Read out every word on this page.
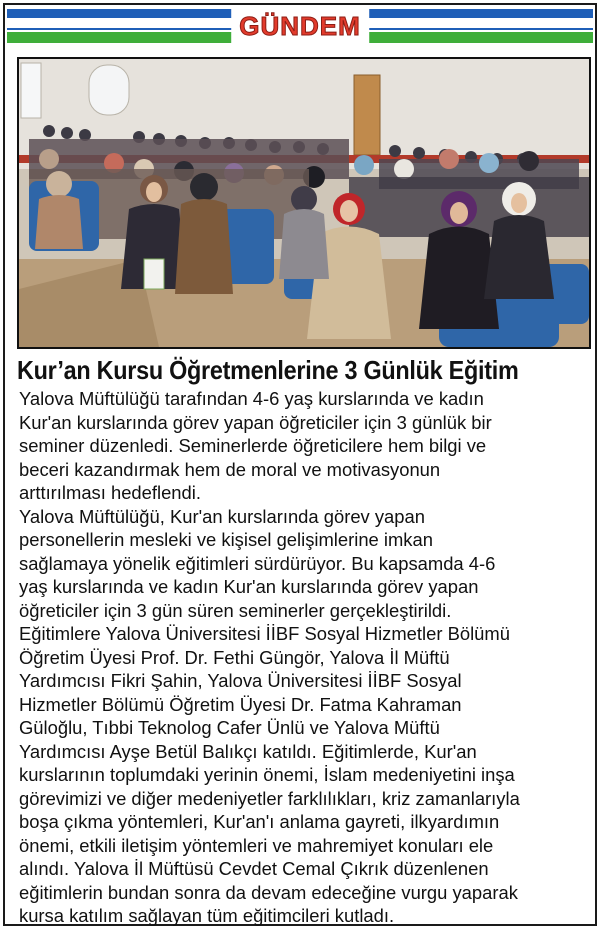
GÜNDEM
Kur’an Kursu Öğretmenlerine 3 Günlük Eğitim
Yalova Müftülüğü tarafından 4-6 yaş kurslarında ve kadın
Kur'an kurslarında görev yapan öğreticiler için 3 günlük bir
seminer düzenledi. Seminerlerde öğreticilere hem bilgi ve
beceri kazandırmak hem de moral ve motivasyonun
arttırılması hedeflendi.
Yalova Müftülüğü, Kur'an kurslarında görev yapan
personellerin mesleki ve kişisel gelişimlerine imkan
sağlamaya yönelik eğitimleri sürdürüyor. Bu kapsamda 4-6
yaş kurslarında ve kadın Kur'an kurslarında görev yapan
öğreticiler için 3 gün süren seminerler gerçekleştirildi.
Eğitimlere Yalova Üniversitesi İİBF Sosyal Hizmetler Bölümü
Öğretim Üyesi Prof. Dr. Fethi Güngör, Yalova İl Müftü
Yardımcısı Fikri Şahin, Yalova Üniversitesi İİBF Sosyal
Hizmetler Bölümü Öğretim Üyesi Dr. Fatma Kahraman
Güloğlu, Tıbbi Teknolog Cafer Ünlü ve Yalova Müftü
Yardımcısı Ayşe Betül Balıkçı katıldı. Eğitimlerde, Kur'an
kurslarının toplumdaki yerinin önemi, İslam medeniyetini inşa
görevimizi ve diğer medeniyetler farklılıkları, kriz zamanlarıyla
boşa çıkma yöntemleri, Kur'an'ı anlama gayreti, ilkyardımın
önemi, etkili iletişim yöntemleri ve mahremiyet konuları ele
alındı. Yalova İl Müftüsü Cevdet Cemal Çıkrık düzenlenen
eğitimlerin bundan sonra da devam edeceğine vurgu yaparak
kursa katılım sağlayan tüm eğitimcileri kutladı.
